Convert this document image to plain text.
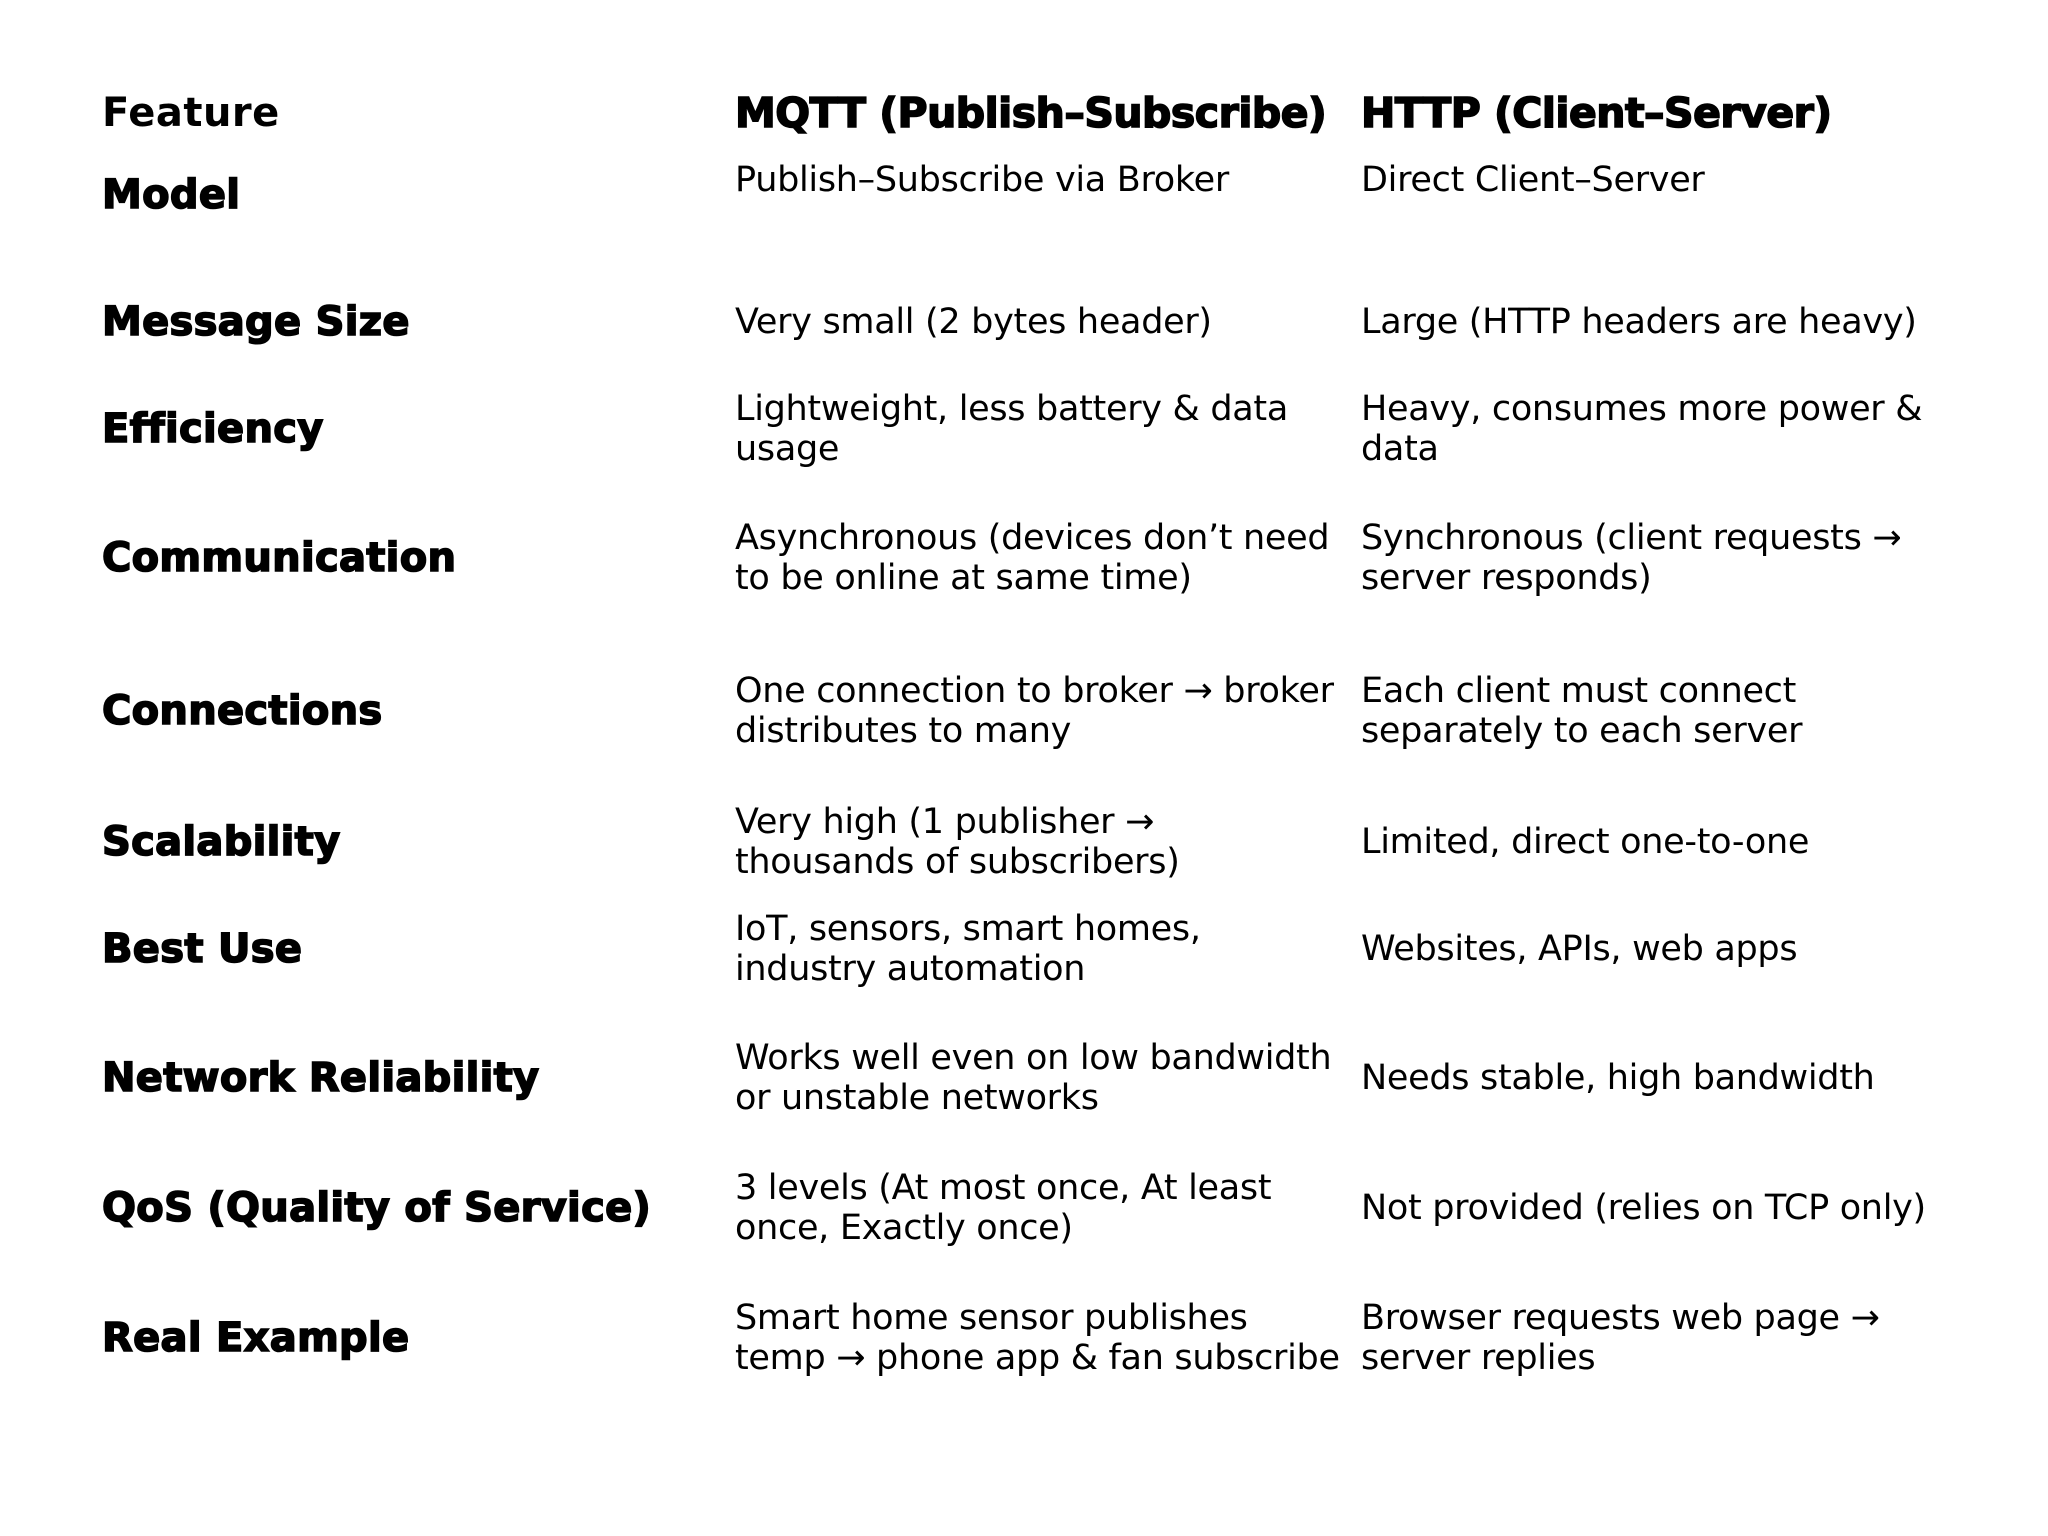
Feature	MQTT (Publish–Subscribe)	HTTP (Client–Server)
Model	Publish–Subscribe via Broker	Direct Client–Server
Message Size	Very small (2 bytes header)	Large (HTTP headers are heavy)
Efficiency	Lightweight, less battery & data usage	Heavy, consumes more power & data
Communication	Asynchronous (devices don’t need to be online at same time)	Synchronous (client requests → server responds)
Connections	One connection to broker → broker distributes to many	Each client must connect separately to each server
Scalability	Very high (1 publisher → thousands of subscribers)	Limited, direct one-to-one
Best Use	IoT, sensors, smart homes, industry automation	Websites, APIs, web apps
Network Reliability	Works well even on low bandwidth or unstable networks	Needs stable, high bandwidth
QoS (Quality of Service)	3 levels (At most once, At least once, Exactly once)	Not provided (relies on TCP only)
Real Example	Smart home sensor publishes temp → phone app & fan subscribe	Browser requests web page → server replies
